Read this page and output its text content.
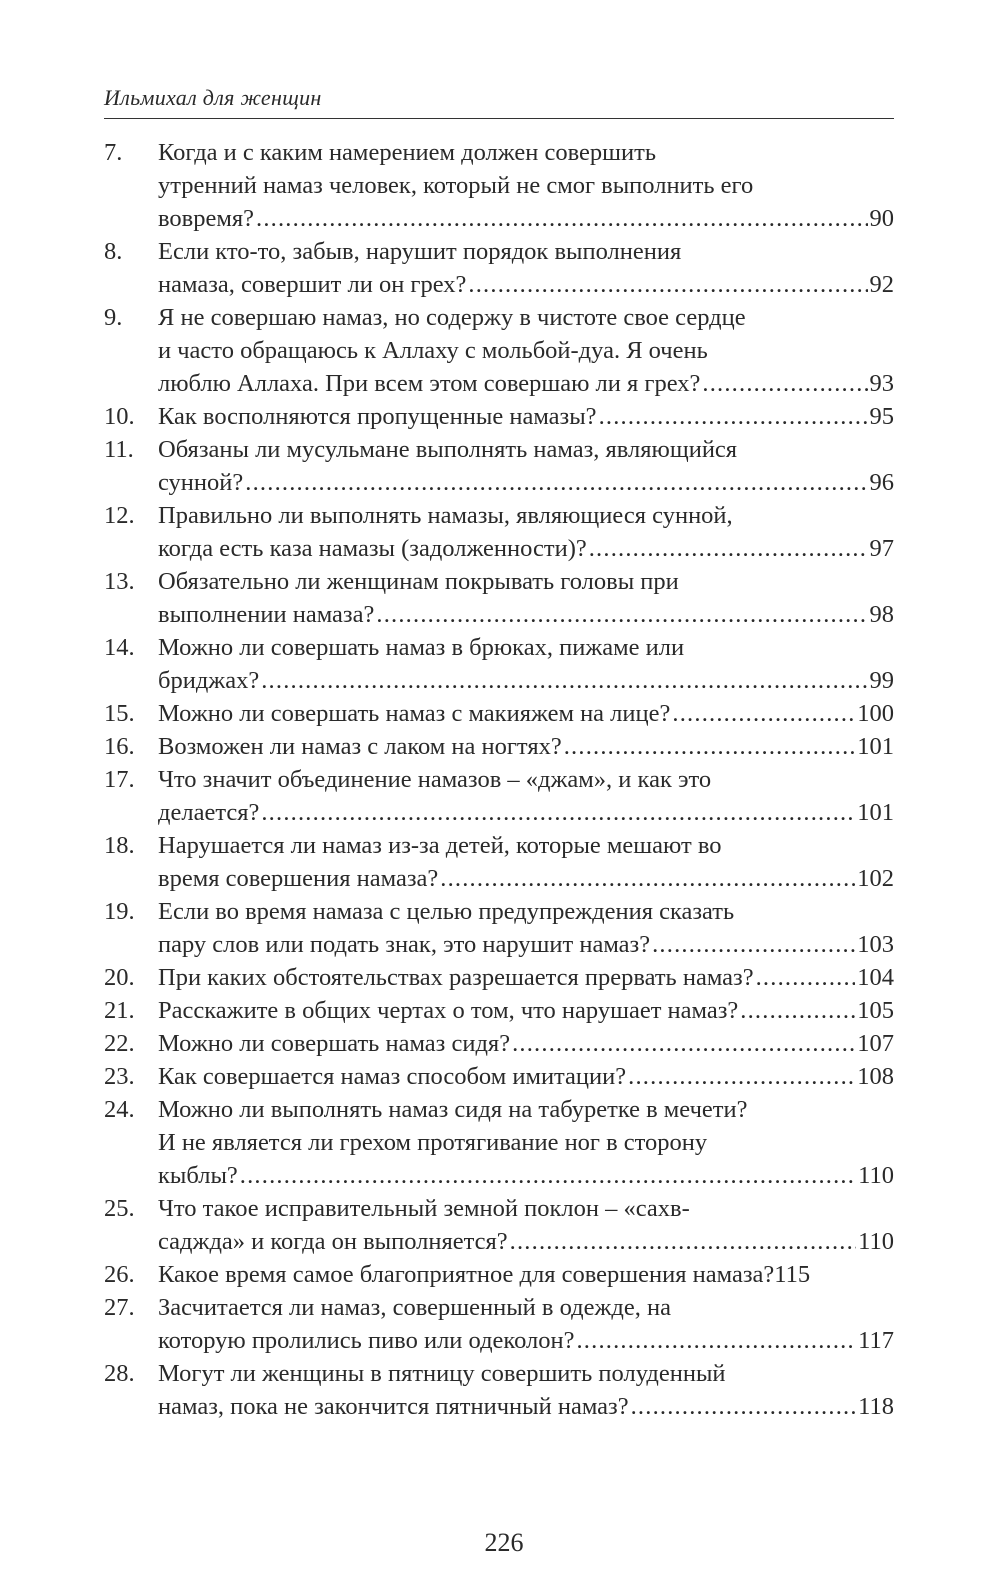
Ильмихал для женщин
7. Когда и с каким намерением должен совершить
утренний намаз человек, который не смог выполнить его
вовремя? .....	90
8. Если кто-то, забыв, нарушит порядок выполнения
намаза, совершит ли он грех? .....	92
9. Я не совершаю намаз, но содержу в чистоте свое сердце
и часто обращаюсь к Аллаху с мольбой-дуа. Я очень
люблю Аллаха. При всем этом совершаю ли я грех? .....	93
10. Как восполняются пропущенные намазы? .....	95
11. Обязаны ли мусульмане выполнять намаз, являющийся
сунной? .....	96
12. Правильно ли выполнять намазы, являющиеся сунной,
когда есть каза намазы (задолженности)? .....	97
13. Обязательно ли женщинам покрывать головы при
выполнении намаза? .....	98
14. Можно ли совершать намаз в брюках, пижаме или
бриджах? .....	99
15. Можно ли совершать намаз с макияжем на лице? .....	100
16. Возможен ли намаз с лаком на ногтях? .....	101
17. Что значит объединение намазов – «джам», и как это
делается? .....	101
18. Нарушается ли намаз из-за детей, которые мешают во
время совершения намаза? .....	102
19. Если во время намаза с целью предупреждения сказать
пару слов или подать знак, это нарушит намаз? .....	103
20. При каких обстоятельствах разрешается прервать намаз? .....	104
21. Расскажите в общих чертах о том, что нарушает намаз? .....	105
22. Можно ли совершать намаз сидя? .....	107
23. Как совершается намаз способом имитации? .....	108
24. Можно ли выполнять намаз сидя на табуретке в мечети?
И не является ли грехом протягивание ног в сторону
кыблы? .....	110
25. Что такое исправительный земной поклон – «сахв-
саджда» и когда он выполняется? .....	110
26. Какое время самое благоприятное для совершения намаза? 115
27. Засчитается ли намаз, совершенный в одежде, на
которую пролились пиво или одеколон? .....	117
28. Могут ли женщины в пятницу совершить полуденный
намаз, пока не закончится пятничный намаз? .....	118
226
